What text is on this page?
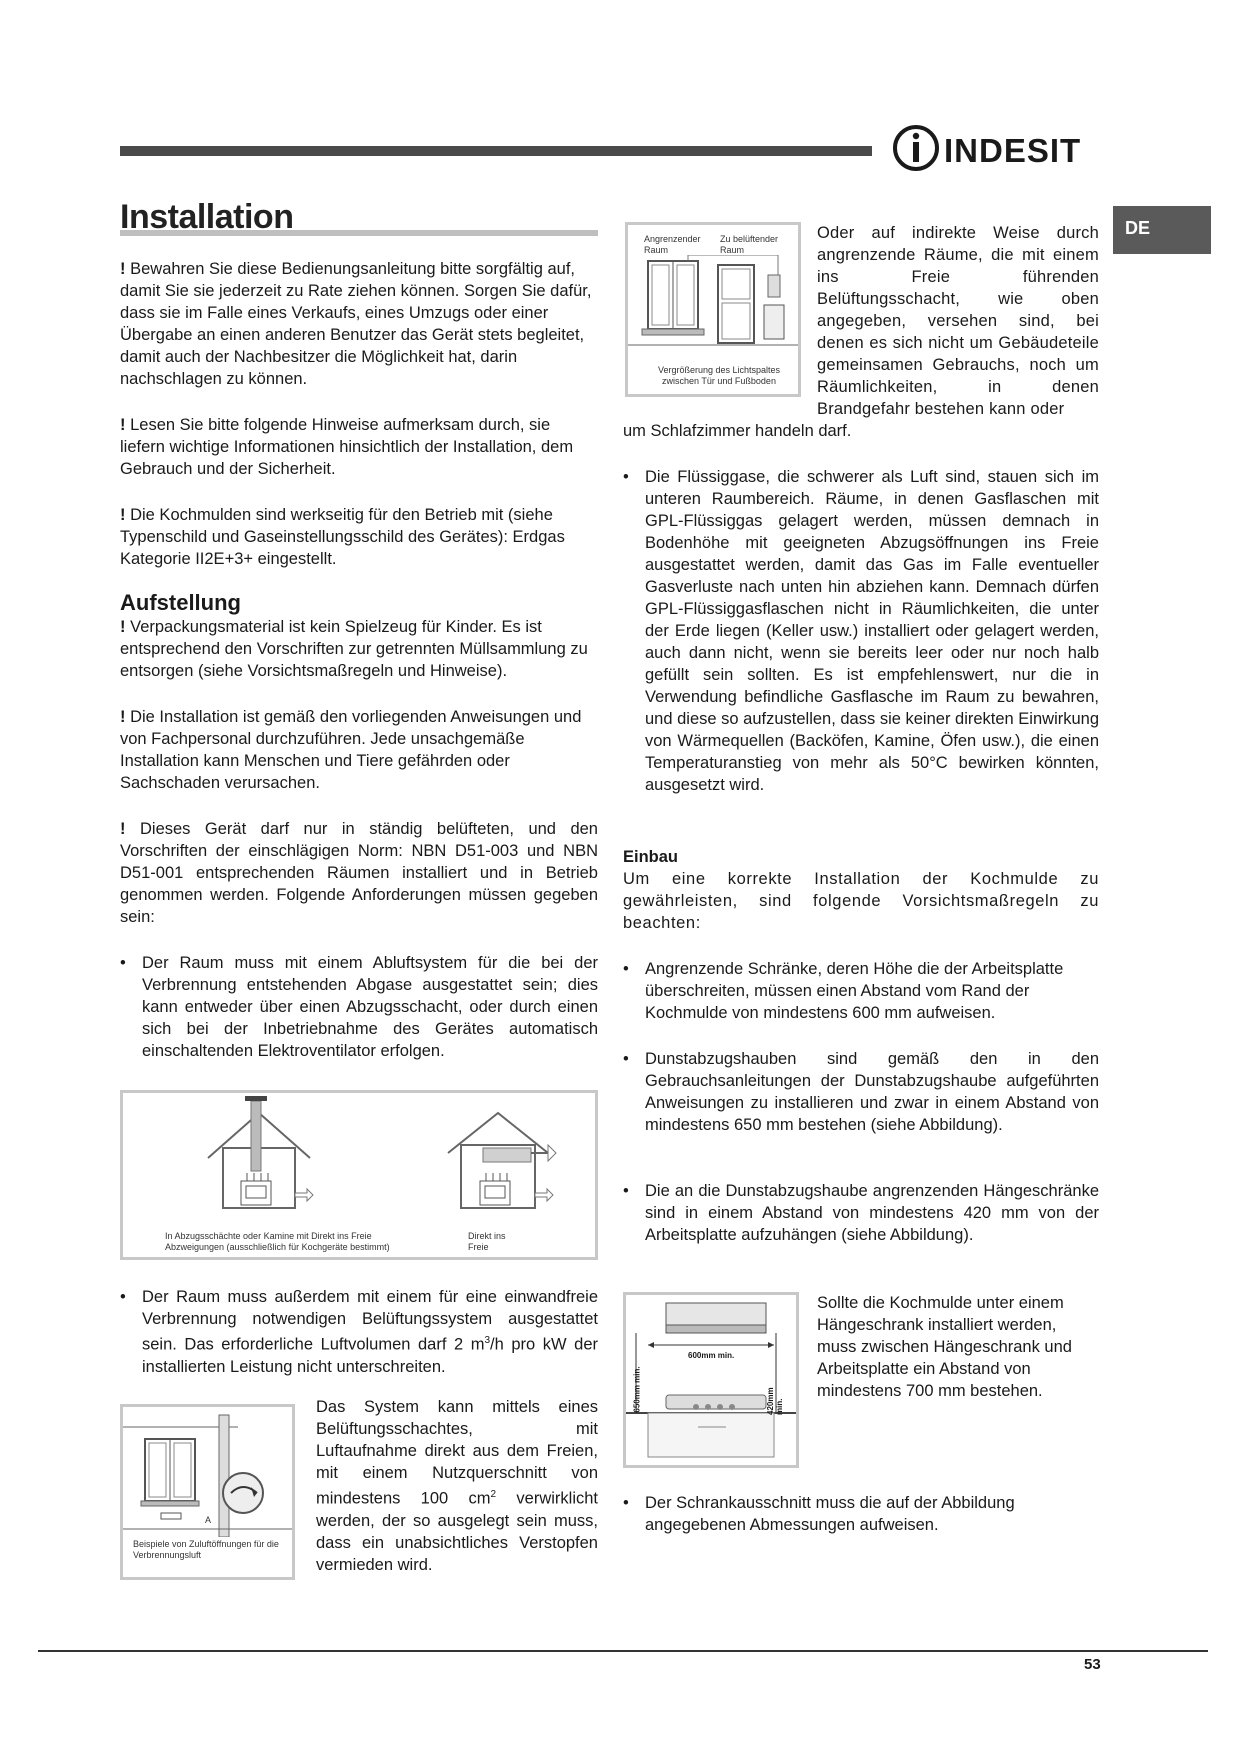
INDESIT
DE
Installation

! Bewahren Sie diese Bedienungsanleitung bitte sorgfältig auf, damit Sie sie jederzeit zu Rate ziehen können. Sorgen Sie dafür, dass sie im Falle eines Verkaufs, eines Umzugs oder einer Übergabe an einen anderen Benutzer das Gerät stets begleitet, damit auch der Nachbesitzer die Möglichkeit hat, darin nachschlagen zu können.

! Lesen Sie bitte folgende Hinweise aufmerksam durch, sie liefern wichtige Informationen hinsichtlich der Installation, dem Gebrauch und der Sicherheit.

! Die Kochmulden sind werkseitig für den Betrieb mit (siehe Typenschild und Gaseinstellungsschild des Gerätes): Erdgas Kategorie II2E+3+ eingestellt.

Aufstellung

! Verpackungsmaterial ist kein Spielzeug für Kinder. Es ist entsprechend den Vorschriften zur getrennten Müllsammlung zu entsorgen (siehe Vorsichtsmaßregeln und Hinweise).

! Die Installation ist gemäß den vorliegenden Anweisungen und von Fachpersonal durchzuführen. Jede unsachgemäße Installation kann Menschen und Tiere gefährden oder Sachschaden verursachen.

! Dieses Gerät darf nur in ständig belüfteten, und den Vorschriften der einschlägigen Norm: NBN D51-003 und NBN D51-001 entsprechenden Räumen installiert und in Betrieb genommen werden. Folgende Anforderungen müssen gegeben sein:

• Der Raum muss mit einem Abluftsystem für die bei der Verbrennung entstehenden Abgase ausgestattet sein; dies kann entweder über einen Abzugsschacht, oder durch einen sich bei der Inbetriebnahme des Gerätes automatisch einschaltenden Elektroventilator erfolgen.
In Abzugsschächte oder Kamine mit Direkt ins Freie Abzweigungen (ausschließlich für Kochgeräte bestimmt)
Direkt ins Freie
• Der Raum muss außerdem mit einem für eine einwandfreie Verbrennung notwendigen Belüftungssystem ausgestattet sein. Das erforderliche Luftvolumen darf 2 $m^3/h$ pro kW der installierten Leistung nicht unterschreiten.
A
Beispiele von Zuluftöffnungen für die Verbrennungsluft

Das System kann mittels eines Belüftungsschachtes, mit Luftaufnahme direkt aus dem Freien, mit einem Nutzquerschnitt von mindestens 100 $cm^2$ verwirklicht werden, der so ausgelegt sein muss, dass ein unabsichtliches Verstopfen vermieden wird.

Angrenzender Raum
Zu belüftender Raum
Vergrößerung des Lichtspaltes zwischen Tür und Fußboden

Oder auf indirekte Weise durch angrenzende Räume, die mit einem ins Freie führenden Belüftungsschacht, wie oben angegeben, versehen sind, bei denen es sich nicht um Gebäudeteile gemeinsamen Gebrauchs, noch um Räumlichkeiten, in denen Brandgefahr bestehen kann oder

um Schlafzimmer handeln darf.

• Die Flüssiggase, die schwerer als Luft sind, stauen sich im unteren Raumbereich. Räume, in denen Gasflaschen mit GPL-Flüssiggas gelagert werden, müssen demnach in Bodenhöhe mit geeigneten Abzugsöffnungen ins Freie ausgestattet werden, damit das Gas im Falle eventueller Gasverluste nach unten hin abziehen kann. Demnach dürfen GPL-Flüssiggasflaschen nicht in Räumlichkeiten, die unter der Erde liegen (Keller usw.) installiert oder gelagert werden, auch dann nicht, wenn sie bereits leer oder nur noch halb gefüllt sein sollten. Es ist empfehlenswert, nur die in Verwendung befindliche Gasflasche im Raum zu bewahren, und diese so aufzustellen, dass sie keiner direkten Einwirkung von Wärmequellen (Backöfen, Kamine, Öfen usw.), die einen Temperaturanstieg von mehr als 50°C bewirken könnten, ausgesetzt wird.
Einbau

Um eine korrekte Installation der Kochmulde zu gewährleisten, sind folgende Vorsichtsmaßregeln zu beachten:

• Angrenzende Schränke, deren Höhe die der Arbeitsplatte überschreiten, müssen einen Abstand vom Rand der Kochmulde von mindestens 600 mm aufweisen.
• Dunstabzugshauben sind gemäß den in den Gebrauchsanleitungen der Dunstabzugshaube aufgeführten Anweisungen zu installieren und zwar in einem Abstand von mindestens 650 mm bestehen (siehe Abbildung).
• Die an die Dunstabzugshaube angrenzenden Hängeschränke sind in einem Abstand von mindestens 420 mm von der Arbeitsplatte aufzuhängen (siehe Abbildung).
600mm min.
650mm min.	420mm min.

Sollte die Kochmulde unter einem Hängeschrank installiert werden, muss zwischen Hängeschrank und Arbeitsplatte ein Abstand von mindestens 700 mm bestehen.

• Der Schrankausschnitt muss die auf der Abbildung angegebenen Abmessungen aufweisen.
53
